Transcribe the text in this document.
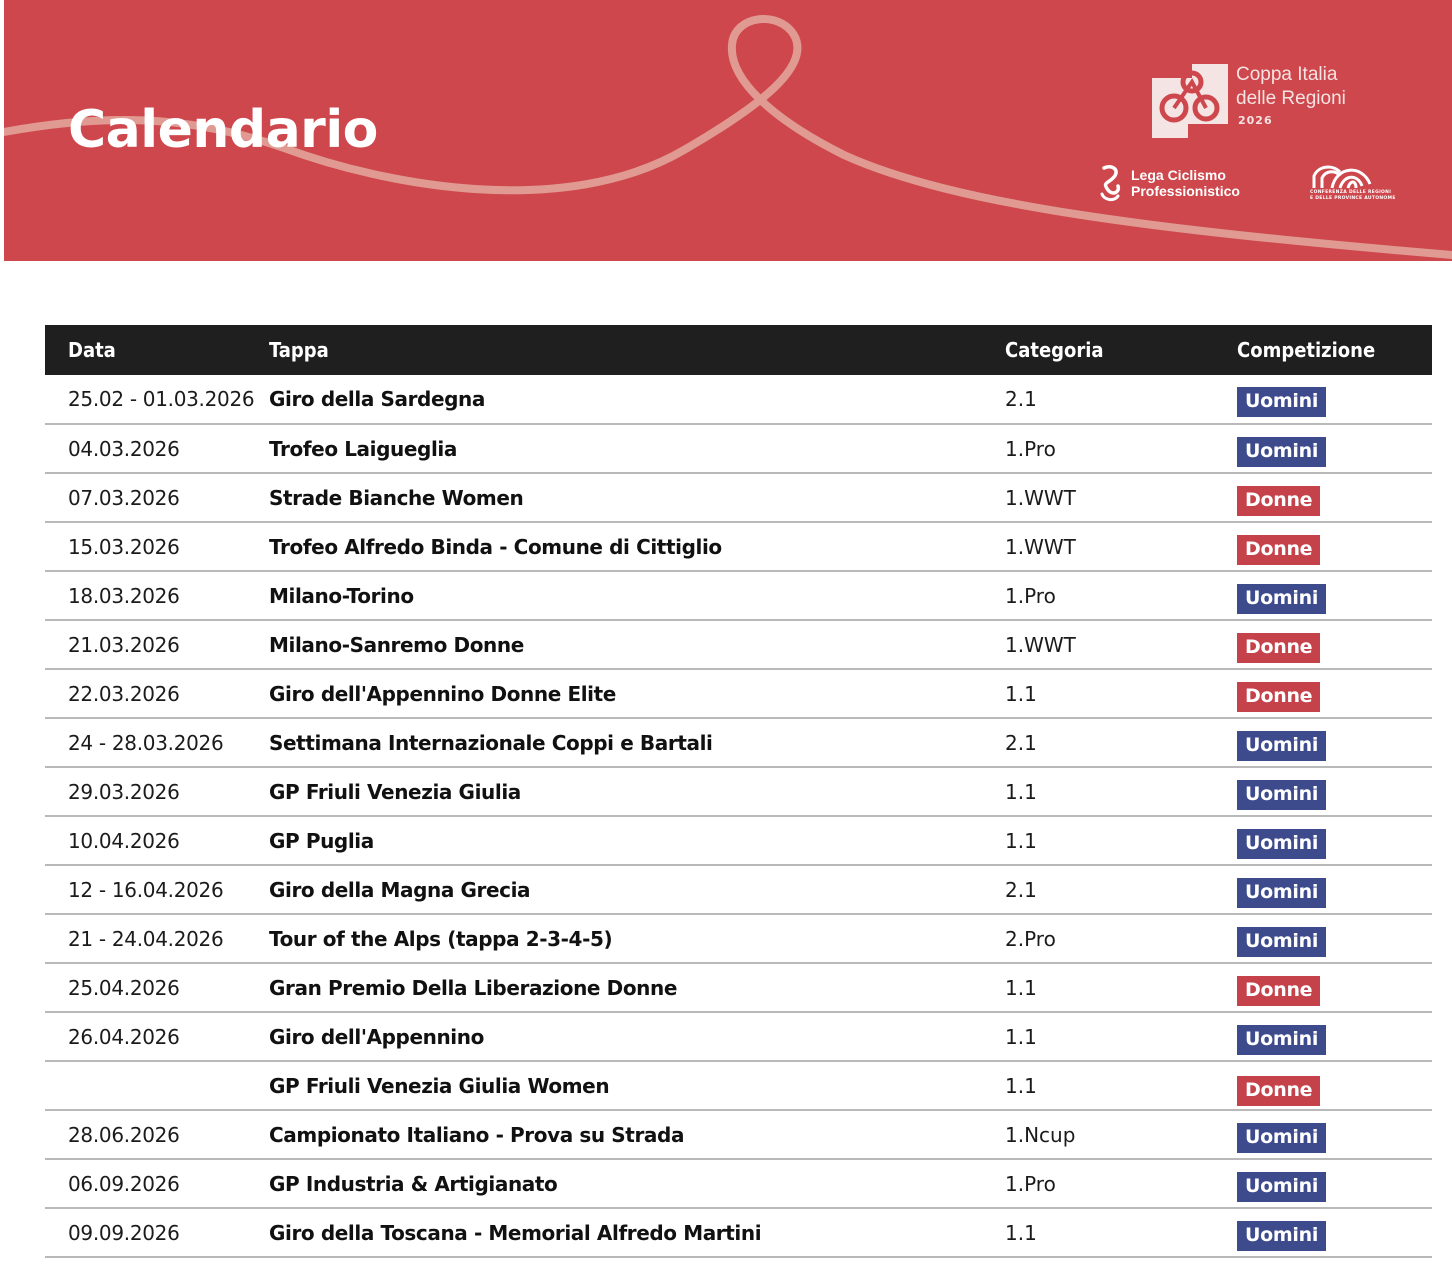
Calendario
Coppa Italia
delle Regioni
2026
Lega Ciclismo
Professionistico	CONFERENZA DELLE REGIONI
E DELLE PROVINCE AUTONOME
Data	Tappa	Categoria	Competizione
25.02 - 01.03.2026	Giro della Sardegna	2.1	Uomini
04.03.2026	Trofeo Laigueglia	1.Pro	Uomini
07.03.2026	Strade Bianche Women	1.WWT	Donne
15.03.2026	Trofeo Alfredo Binda - Comune di Cittiglio	1.WWT	Donne
18.03.2026	Milano-Torino	1.Pro	Uomini
21.03.2026	Milano-Sanremo Donne	1.WWT	Donne
22.03.2026	Giro dell'Appennino Donne Elite	1.1	Donne
24 - 28.03.2026	Settimana Internazionale Coppi e Bartali	2.1	Uomini
29.03.2026	GP Friuli Venezia Giulia	1.1	Uomini
10.04.2026	GP Puglia	1.1	Uomini
12 - 16.04.2026	Giro della Magna Grecia	2.1	Uomini
21 - 24.04.2026	Tour of the Alps (tappa 2-3-4-5)	2.Pro	Uomini
25.04.2026	Gran Premio Della Liberazione Donne	1.1	Donne
26.04.2026	Giro dell'Appennino	1.1	Uomini
	GP Friuli Venezia Giulia Women	1.1	Donne
28.06.2026	Campionato Italiano - Prova su Strada	1.Ncup	Uomini
06.09.2026	GP Industria & Artigianato	1.Pro	Uomini
09.09.2026	Giro della Toscana - Memorial Alfredo Martini	1.1	Uomini
